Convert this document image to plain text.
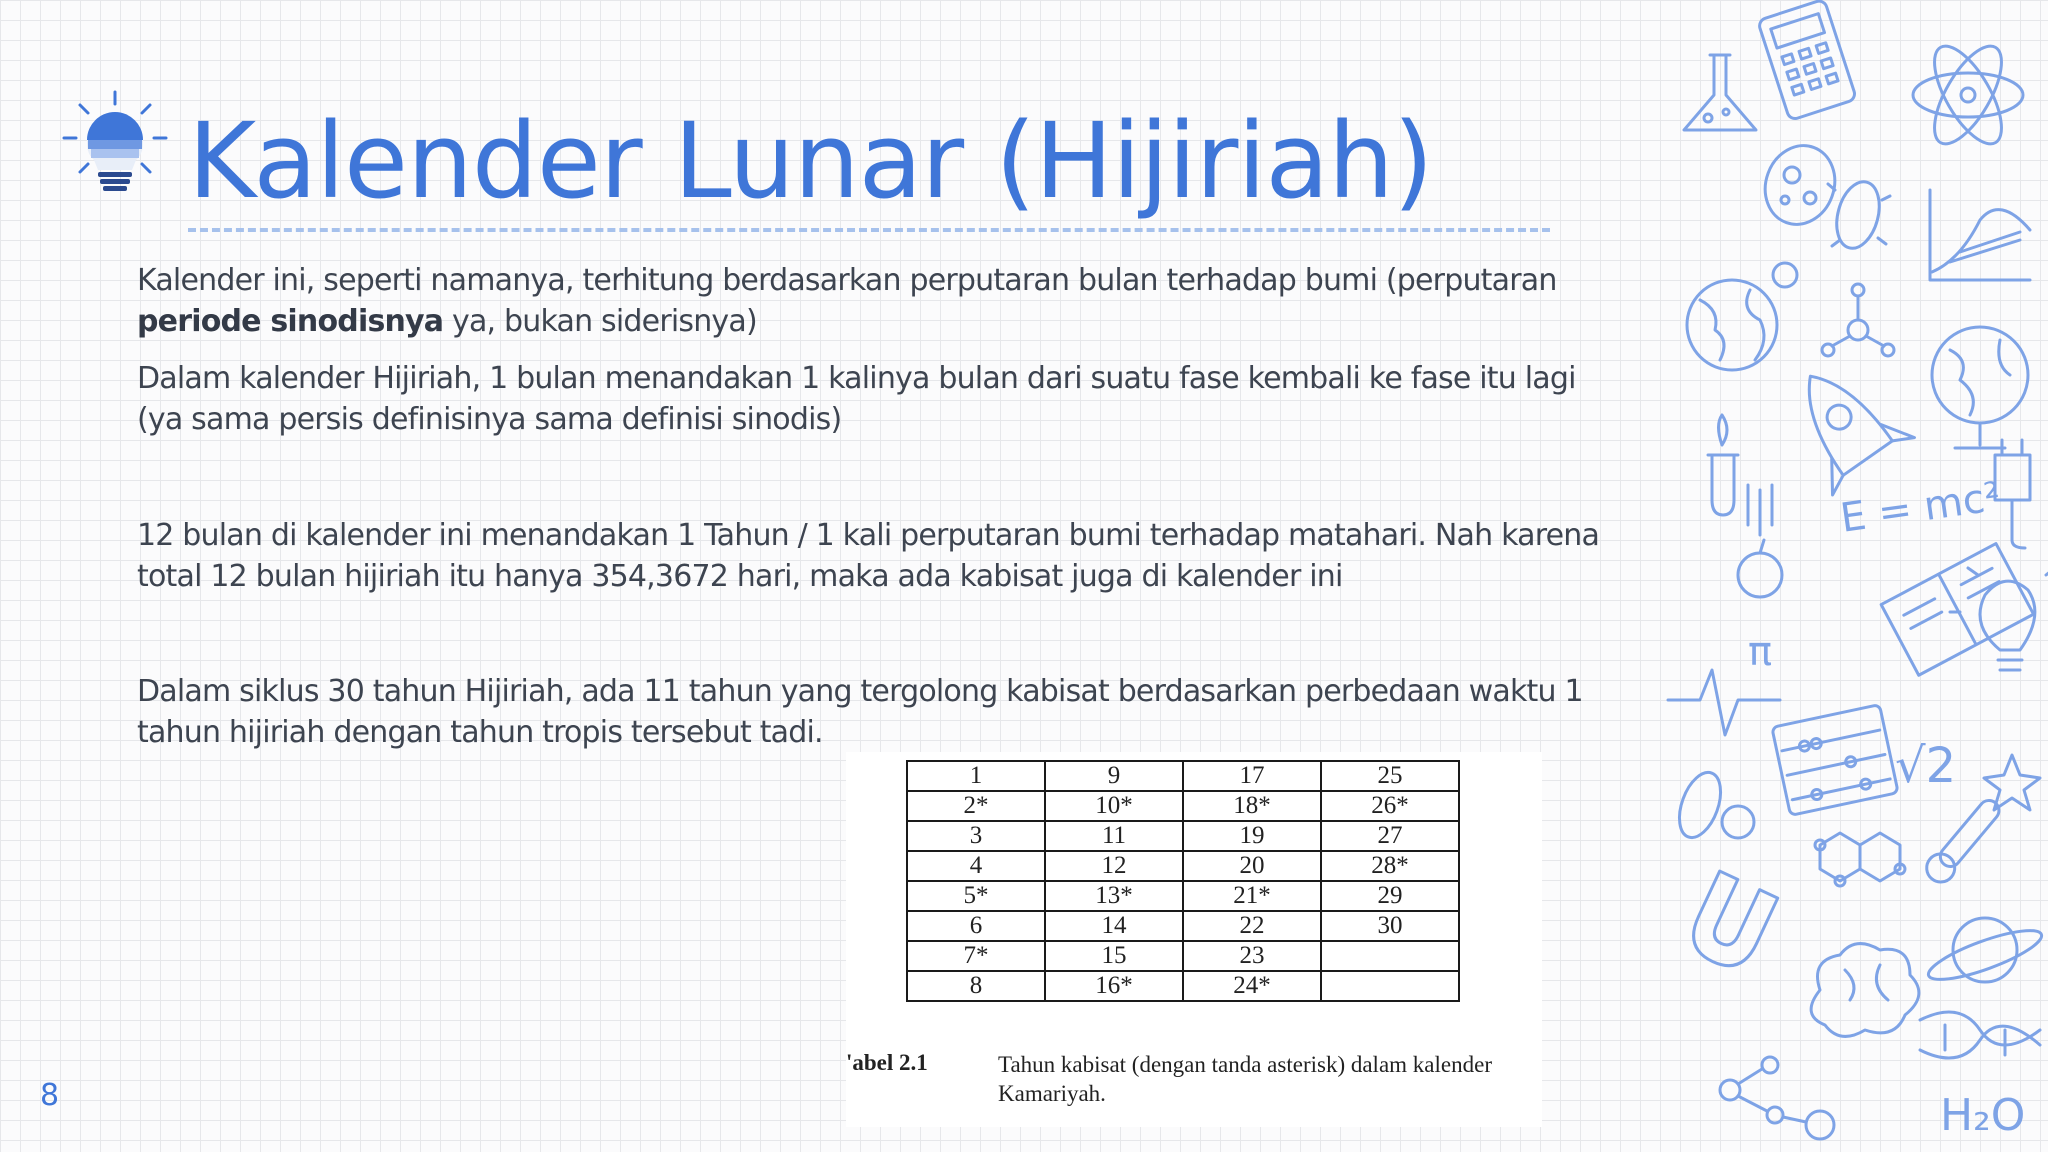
Kalender Lunar (Hijiriah)

Kalender ini, seperti namanya, terhitung berdasarkan perputaran bulan terhadap bumi (perputaran periode sinodisnya ya, bukan siderisnya)

Dalam kalender Hijiriah, 1 bulan menandakan 1 kalinya bulan dari suatu fase kembali ke fase itu lagi (ya sama persis definisinya sama definisi sinodis)

12 bulan di kalender ini menandakan 1 Tahun / 1 kali perputaran bumi terhadap matahari. Nah karena total 12 bulan hijiriah itu hanya 354,3672 hari, maka ada kabisat juga di kalender ini

Dalam siklus 30 tahun Hijiriah, ada 11 tahun yang tergolong kabisat berdasarkan perbedaan waktu 1 tahun hijiriah dengan tahun tropis tersebut tadi.

1	9	17	25
2*	10*	18*	26*
3	11	19	27
4	12	20	28*
5*	13*	21*	29
6	14	22	30
7*	15	23	
8	16*	24*	
'abel 2.1	Tahun kabisat (dengan tanda asterisk) dalam kalender Kamariyah.
8
E = mc²
√2
H₂O
π
